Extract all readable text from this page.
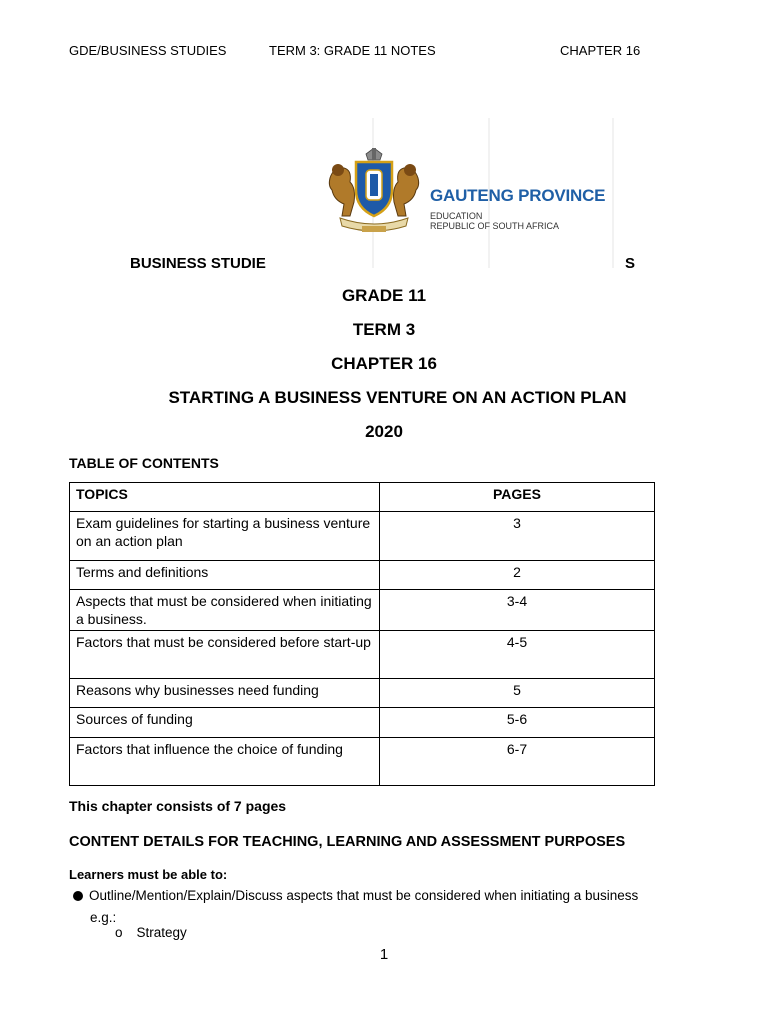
GDE/BUSINESS STUDIES	TERM 3: GRADE 11 NOTES	CHAPTER 16
GAUTENG PROVINCE
EDUCATION
REPUBLIC OF SOUTH AFRICA
BUSINESS STUDIE	S
GRADE 11
TERM 3
CHAPTER 16
STARTING A BUSINESS VENTURE ON AN ACTION PLAN
2020
TABLE OF CONTENTS
TOPICS	PAGES
Exam guidelines for starting a business venture on an action plan	3
Terms and definitions	2
Aspects that must be considered when initiating a business.	3-4
Factors that must be considered before start-up	4-5
Reasons why businesses need funding	5
Sources of funding	5-6
Factors that influence the choice of funding	6-7
This chapter consists of 7 pages
CONTENT DETAILS FOR TEACHING, LEARNING AND ASSESSMENT PURPOSES
Learners must be able to:
Outline/Mention/Explain/Discuss aspects that must be considered when initiating a business
e.g.:
o Strategy
1
